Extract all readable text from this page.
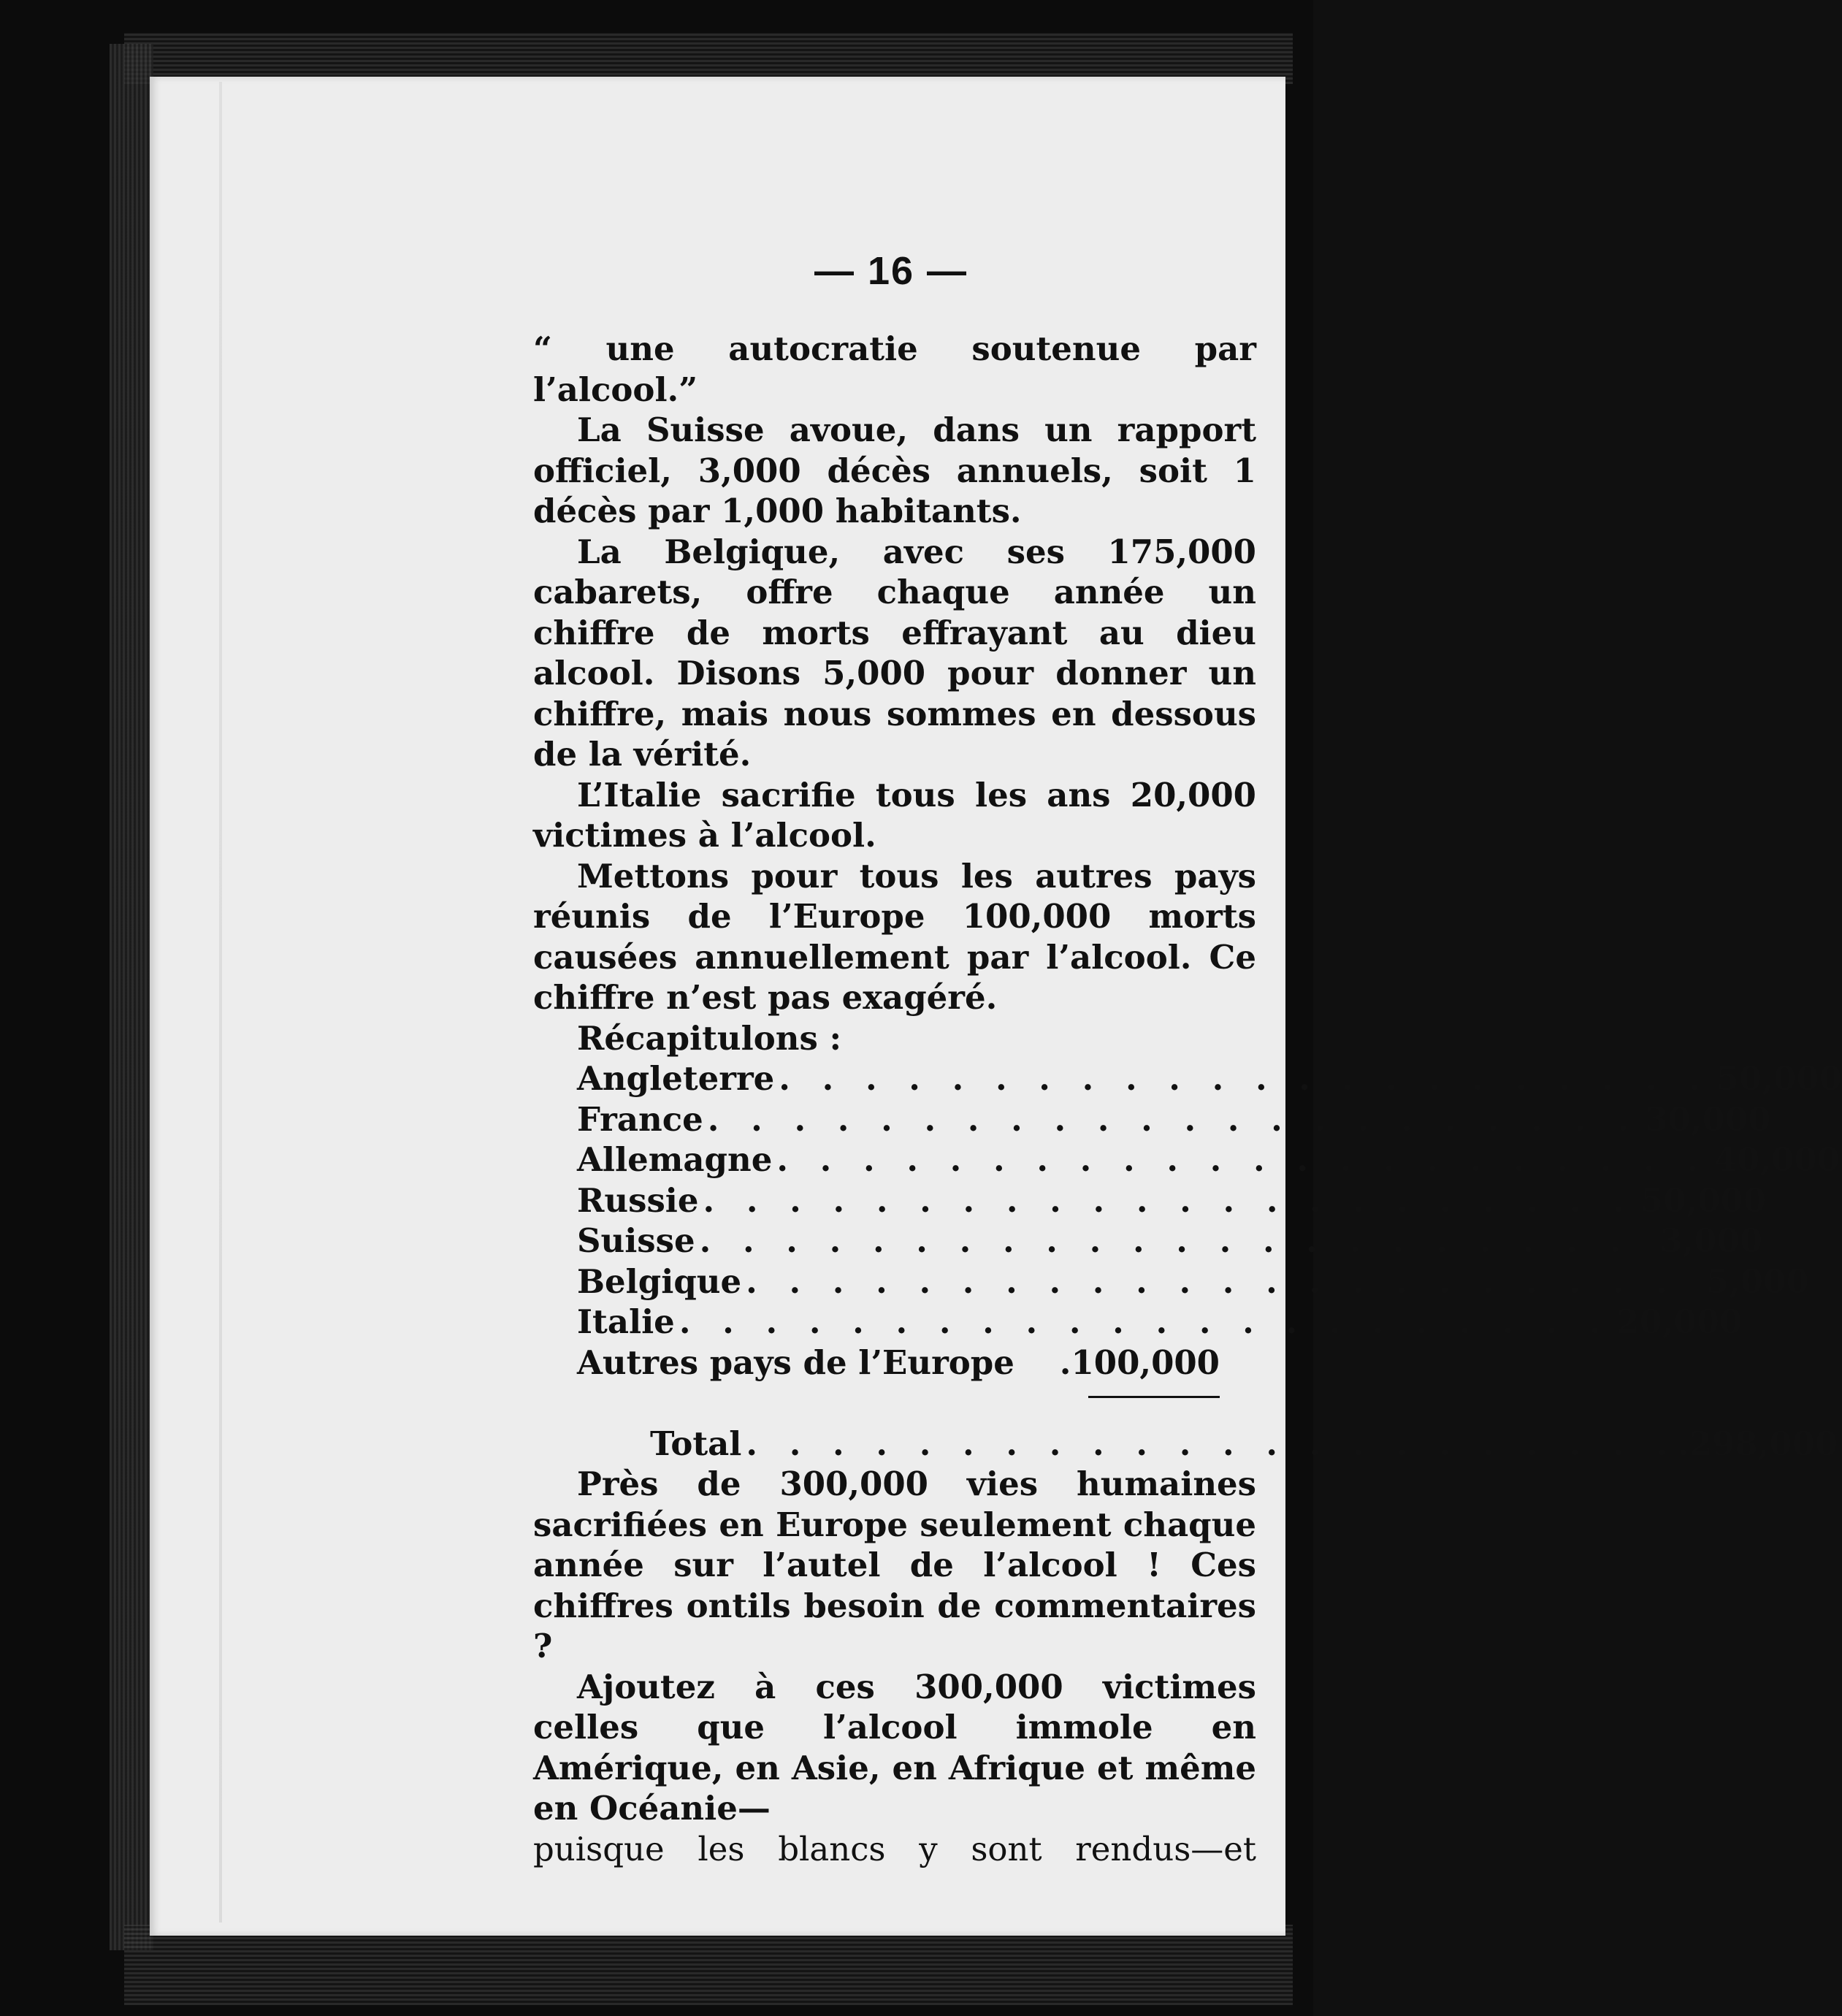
— 16 —

“ une autocratie soutenue par l’alcool.”

La Suisse avoue, dans un rapport officiel, 3,000 décès annuels, soit 1 décès par 1,000 habitants.

La Belgique, avec ses 175,000 cabarets, offre chaque année un chiffre de morts effrayant au dieu alcool. Disons 5,000 pour donner un chiffre, mais nous sommes en dessous de la vérité.

L’Italie sacrifie tous les ans 20,000 victimes à l’alcool.

Mettons pour tous les autres pays réunis de l’Europe 100,000 morts causées annuellement par l’alcool. Ce chiffre n’est pas exagéré.

Récapitulons :

Angleterre . . . . . . . . . . . . . . . . . . . . . . 50,000
France . . . . . . . . . . . . . . . . . . . . . . 30,000
Allemagne . . . . . . . . . . . . . . . . . . . . . . 40,000
Russie . . . . . . . . . . . . . . . . . . . . . . 50,000
Suisse . . . . . . . . . . . . . . . . . . . . . . 3,000
Belgique . . . . . . . . . . . . . . . . . . . . . . 5,000
Italie . . . . . . . . . . . . . . . . . . . . . . 20,000
Autres pays de l’Europe .100,000
Total . . . . . . . . . . . . . . . . . . . . . . .298,000

Près de 300,000 vies humaines sacrifiées en Europe seulement chaque année sur l’autel de l’alcool ! Ces chiffres ontils besoin de commentaires ?

Ajoutez à ces 300,000 victimes celles que l’alcool immole en Amérique, en Asie, en Afrique et même en Océanie—

puisque les blancs y sont rendus—et
